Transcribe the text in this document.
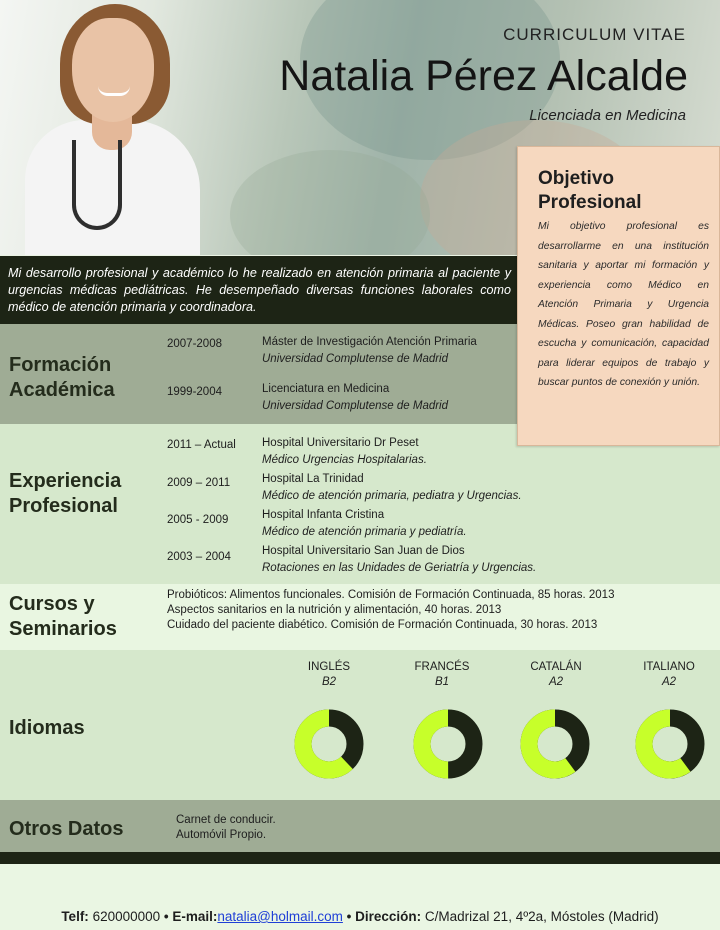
CURRICULUM VITAE
Natalia Pérez Alcalde
Licenciada en Medicina
Objetivo Profesional

Mi objetivo profesional es desarrollarme en una institución sanitaria y aportar mi formación y experiencia como Médico en Atención Primaria y Urgencia Médicas. Poseo gran habilidad de escucha y comunicación, capacidad para liderar equipos de trabajo y buscar puntos de conexión y unión.

Mi desarrollo profesional y académico lo he realizado en atención primaria al paciente y urgencias médicas pediátricas. He desempeñado diversas funciones laborales como médico de atención primaria y coordinadora.
Formación
Académica
2007-2008	Máster de Investigación Atención Primaria
Universidad Complutense de Madrid
1999-2004	Licenciatura en Medicina
Universidad Complutense de Madrid
Experiencia
Profesional
2011 – Actual Hospital Universitario Dr Peset
Médico Urgencias Hospitalarias.
2009 – 2011	Hospital La Trinidad
Médico de atención primaria, pediatra y Urgencias.
2005 - 2009	Hospital Infanta Cristina
Médico de atención primaria y pediatría.
2003 – 2004	Hospital Universitario San Juan de Dios
Rotaciones en las Unidades de Geriatría y Urgencias.
Cursos y
Seminarios
Probióticos: Alimentos funcionales. Comisión de Formación Continuada, 85 horas. 2013
Aspectos sanitarios en la nutrición y alimentación, 40 horas. 2013
Cuidado del paciente diabético. Comisión de Formación Continuada, 30 horas. 2013
Idiomas
INGLÉS
B2
FRANCÉS
B1
CATALÁN
A2
ITALIANO
A2
Otros Datos	Carnet de conducir.
Automóvil Propio.
Telf: 620000000 • E-mail:natalia@holmail.com • Dirección: C/Madrizal 21, 4º2a, Móstoles (Madrid)
